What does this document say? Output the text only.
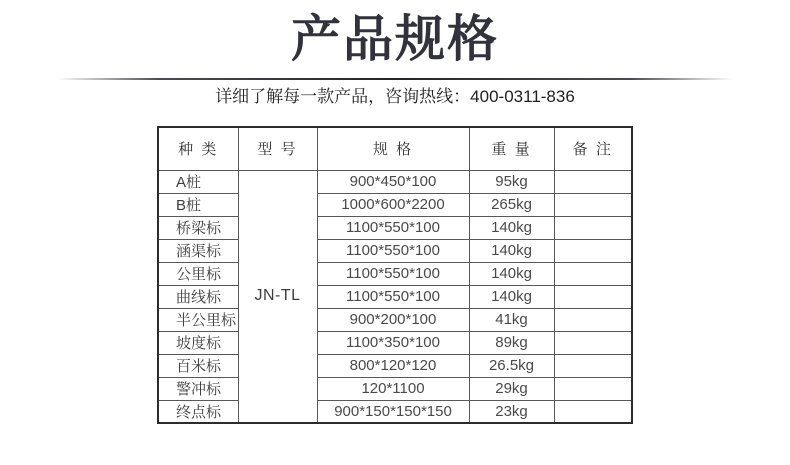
产品规格

详细了解每一款产品，咨询热线：400-0311-836

种 类	型 号	规 格	重 量	备 注
A桩	JN-TL	900*450*100	95kg	
B桩		1000*600*2200	265kg	
桥梁标		1100*550*100	140kg	
涵渠标		1100*550*100	140kg	
公里标		1100*550*100	140kg	
曲线标		1100*550*100	140kg	
半公里标		900*200*100	41kg	
坡度标		1100*350*100	89kg	
百米标		800*120*120	26.5kg	
警冲标		120*1100	29kg	
终点标		900*150*150*150	23kg	
